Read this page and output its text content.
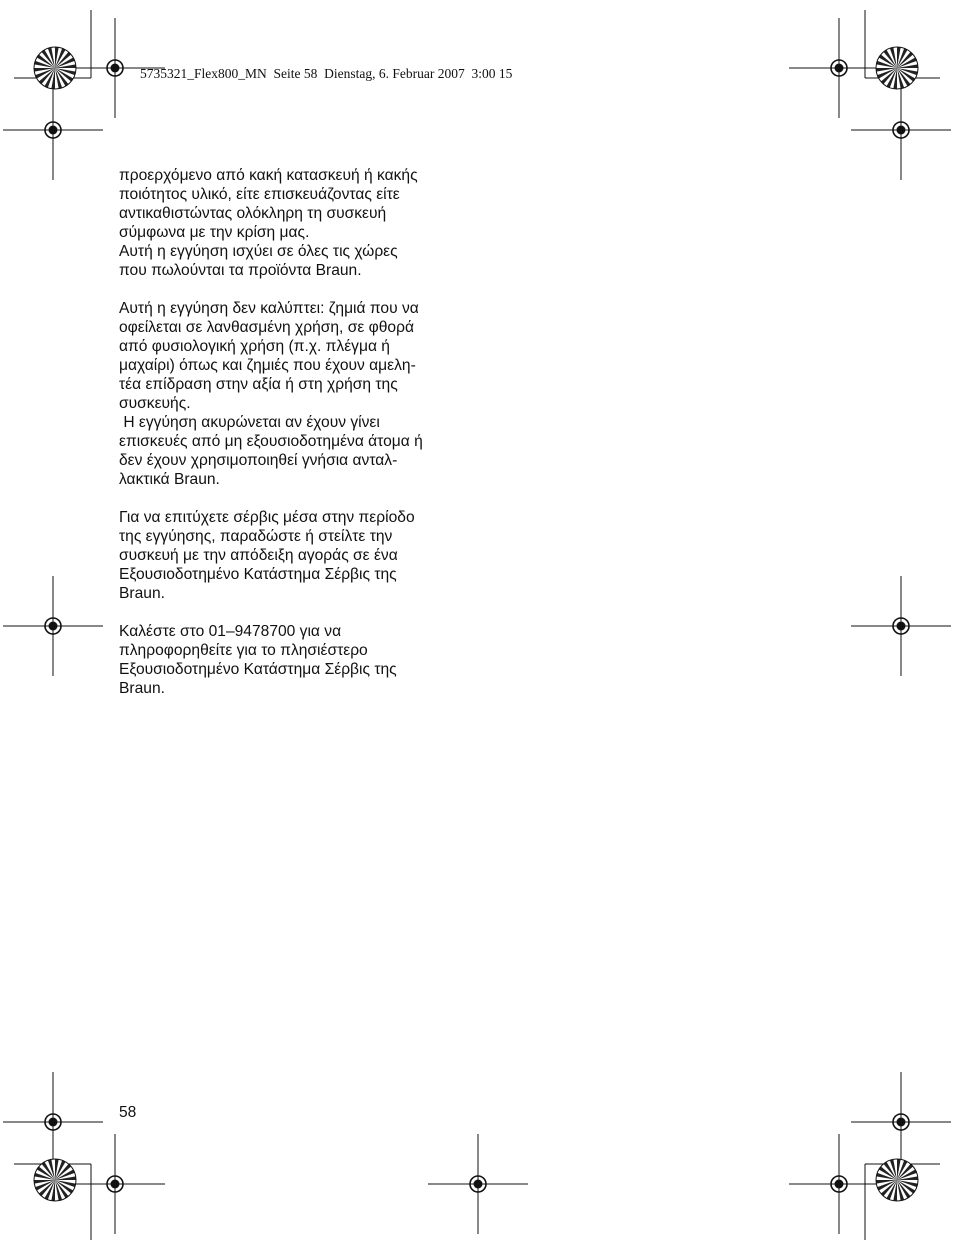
5735321_Flex800_MN  Seite 58  Dienstag, 6. Februar 2007  3:00 15
προερχόμενο από κακή κατασκευή ή κακής
ποιότητος υλικό, είτε επισκευάζοντας είτε
αντικαθιστώντας ολόκληρη τη συσκευή
σύμφωνα με την κρίση μας.
Αυτή η εγγύηση ισχύει σε όλες τις χώρες
που πωλούνται τα προϊόντα Braun.
Αυτή η εγγύηση δεν καλύπτει: ζημιά που να
οφείλεται σε λανθασμένη χρήση, σε φθορά
από φυσιολογική χρήση (π.χ. πλέγμα ή
μαχαίρι) όπως και ζημιές που έχουν αμελη-
τέα επίδραση στην αξία ή στη χρήση της
συσκευής.
Η εγγύηση ακυρώνεται αν έχουν γίνει
επισκευές από μη εξουσιοδοτημένα άτομα ή
δεν έχουν χρησιμοποιηθεί γνήσια ανταλ-
λακτικά Braun.
Για να επιτύχετε σέρβις μέσα στην περίοδο
της εγγύησης, παραδώστε ή στείλτε την
συσκευή με την απόδειξη αγοράς σε ένα
Εξουσιοδοτημένο Κατάστημα Σέρβις της
Braun.
Καλέστε στο 01–9478700 για να
πληροφορηθείτε για το πλησιέστερο
Εξουσιοδοτημένο Κατάστημα Σέρβις της
Braun.
58
